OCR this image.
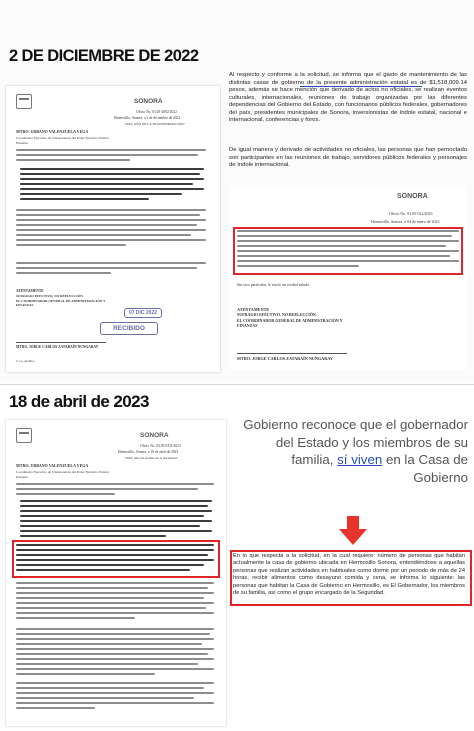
2 DE DICIEMBRE DE 2022
SONORA
Oficio No. 03.05-2082/2022
Hermosillo, Sonora, a 2 de diciembre de 2022
"2022, AÑO DE LA TRANSFORMACIÓN"
MTRO. URBANO VALENZUELA VEGA
Coordinador Ejecutivo de Transparencia del Poder Ejecutivo Estatal
Presente.
ATENTAMENTE
SUFRAGIO EFECTIVO, NO REELECCIÓN.
EL COORDINADOR GENERAL DE ADMINISTRACIÓN Y FINANZAS
07 DIC 2022
RECIBIDO
MTRO. JORGE CARLOS ZATARAÍN NUNGARAY
C.c.p. Archivo
Al respecto y conforme a la solicitud, se informa que el gasto de mantenimiento de las distintas casas de gobierno de la presente administración estatal es de $1,518,009.14 pesos, además se hace mención que derivado de actos no oficiales, se realizan eventos culturales, internacionales, reuniones de trabajo organizadas por las diferentes dependencias del Gobierno del Estado, con funcionarios públicos federales, gobernadores del país, presidentes municipales de Sonora, inversionistas de índole estatal, nacional e internacional, conferencias y foros.
De igual manera y derivado de actividades no oficiales, las personas que han pernoctado son participantes en las reuniones de trabajo, servidores públicos federales y personajes de índole internacional.
SONORA
Oficio No. 03.05-012/2023
Hermosillo, Sonora, a 04 de enero de 2023
Sin otro particular, le envío un cordial saludo.
ATENTAMENTE
SUFRAGIO EFECTIVO. NO REELECCIÓN.
EL COORDINADOR GENERAL DE ADMINISTRACIÓN Y FINANZAS
MTRO. JORGE CARLOS ZATARAÍN NUNGARAY
18 de abril de 2023
SONORA
Oficio No. 03.05-0XX/2023
Hermosillo, Sonora, a 18 de abril de 2023
"2023, Año del Arcillo de la Ascensión"
MTRO. URBANO VALENZUELA VEGA
Coordinador Ejecutivo de Transparencia del Poder Ejecutivo Estatal
Presente.
Gobierno reconoce que el gobernador del Estado y los miembros de su familia, sí viven en la Casa de Gobierno
En lo que respecta a la solicitud, en la cual requiere: número de personas que habitan actualmente la casa de gobierno ubicada en Hermosillo Sonora, entendiéndose a aquellas personas que realizan actividades en habituales como dormir por un periodo de más de 24 horas, recibir alimentos como desayuno comida y cena, se informa lo siguiente: las personas que habitan la Casa de Gobierno en Hermosillo, es El Gobernador, los miembros de su familia, así como el grupo encargado de la Seguridad.
